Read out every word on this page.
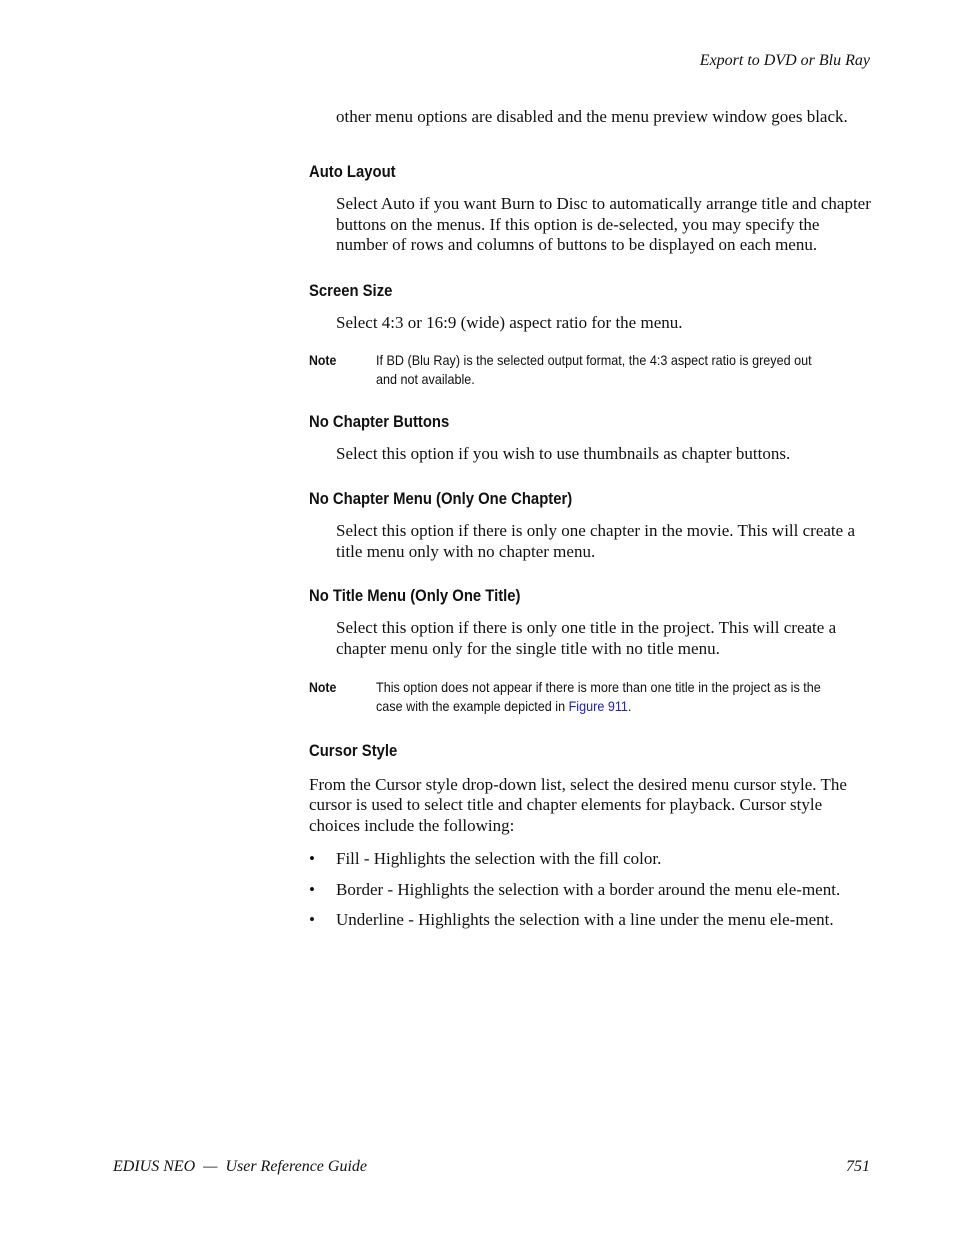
Export to DVD or Blu Ray

other menu options are disabled and the menu preview window goes black.

Auto Layout

Select Auto if you want Burn to Disc to automatically arrange title and chapter buttons on the menus. If this option is de-selected, you may specify the number of rows and columns of buttons to be displayed on each menu.

Screen Size

Select 4:3 or 16:9 (wide) aspect ratio for the menu.

Note	If BD (Blu Ray) is the selected output format, the 4:3 aspect ratio is greyed out and not available.
No Chapter Buttons

Select this option if you wish to use thumbnails as chapter buttons.

No Chapter Menu (Only One Chapter)

Select this option if there is only one chapter in the movie. This will create a title menu only with no chapter menu.

No Title Menu (Only One Title)

Select this option if there is only one title in the project. This will create a chapter menu only for the single title with no title menu.

Note	This option does not appear if there is more than one title in the project as is the case with the example depicted in Figure 911.
Cursor Style

From the Cursor style drop-down list, select the desired menu cursor style. The cursor is used to select title and chapter elements for playback. Cursor style choices include the following:

•	Fill - Highlights the selection with the fill color.
•	Border - Highlights the selection with a border around the menu ele-ment.
•	Underline - Highlights the selection with a line under the menu ele-ment.
EDIUS NEO  —  User Reference Guide	751
